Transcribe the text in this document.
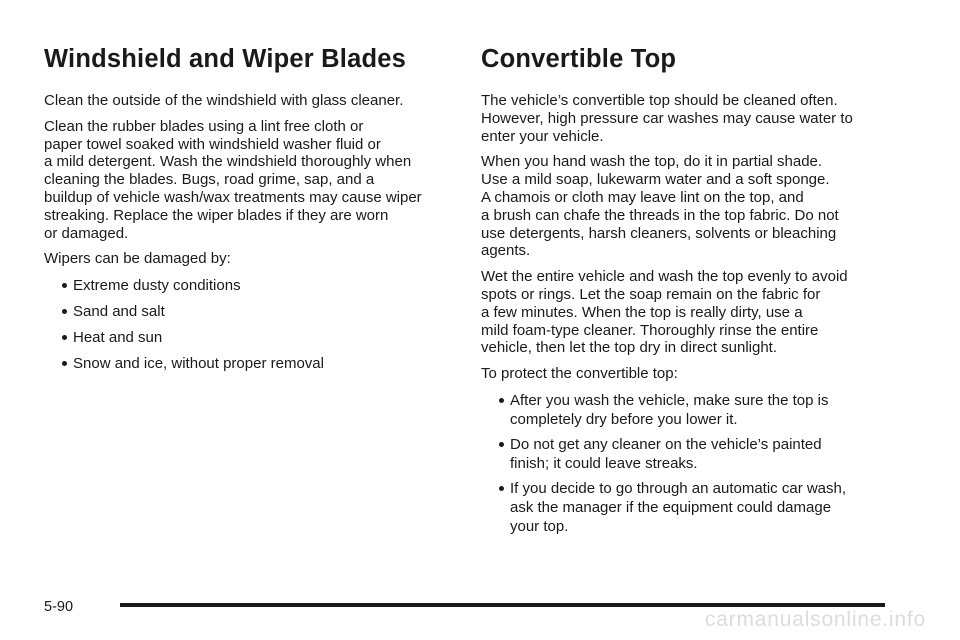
Windshield and Wiper Blades

Clean the outside of the windshield with glass cleaner.

Clean the rubber blades using a lint free cloth or
paper towel soaked with windshield washer fluid or
a mild detergent. Wash the windshield thoroughly when
cleaning the blades. Bugs, road grime, sap, and a
buildup of vehicle wash/wax treatments may cause wiper
streaking. Replace the wiper blades if they are worn
or damaged.

Wipers can be damaged by:

Extreme dusty conditions
Sand and salt
Heat and sun
Snow and ice, without proper removal
Convertible Top

The vehicle’s convertible top should be cleaned often.
However, high pressure car washes may cause water to
enter your vehicle.

When you hand wash the top, do it in partial shade.
Use a mild soap, lukewarm water and a soft sponge.
A chamois or cloth may leave lint on the top, and
a brush can chafe the threads in the top fabric. Do not
use detergents, harsh cleaners, solvents or bleaching
agents.

Wet the entire vehicle and wash the top evenly to avoid
spots or rings. Let the soap remain on the fabric for
a few minutes. When the top is really dirty, use a
mild foam-type cleaner. Thoroughly rinse the entire
vehicle, then let the top dry in direct sunlight.

To protect the convertible top:

After you wash the vehicle, make sure the top is
completely dry before you lower it.
Do not get any cleaner on the vehicle’s painted
finish; it could leave streaks.
If you decide to go through an automatic car wash,
ask the manager if the equipment could damage
your top.
5-90
carmanualsonline.info
